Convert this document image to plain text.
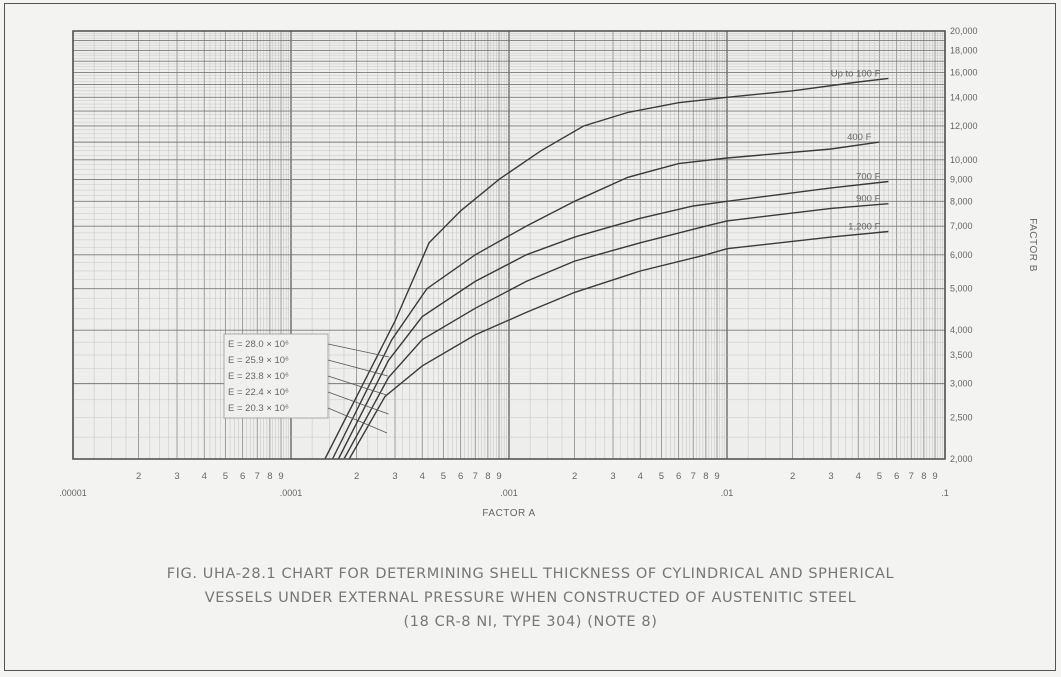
.00001	.0001	.001	.01	.1
2	3 4 5 6 7 8 9	2	3 4 5 6 7 8 9	2	3 4 5 6 7 8 9	2	3 4 5 6 7 8 9
20,000
18,000
16,000
14,000
12,000
10,000
9,000
8,000
7,000
6,000
5,000
4,000
3,500
3,000
2,500
2,000
Up to 100 F
400 F
700 F
900 F
1,200 F
E = 28.0 × 10⁶
E = 25.9 × 10⁶
E = 23.8 × 10⁶
E = 22.4 × 10⁶
E = 20.3 × 10⁶
FACTOR A
FACTOR B
FIG. UHA-28.1 CHART FOR DETERMINING SHELL THICKNESS OF CYLINDRICAL AND SPHERICAL
VESSELS UNDER EXTERNAL PRESSURE WHEN CONSTRUCTED OF AUSTENITIC STEEL
(18 CR-8 NI, TYPE 304) (NOTE 8)
